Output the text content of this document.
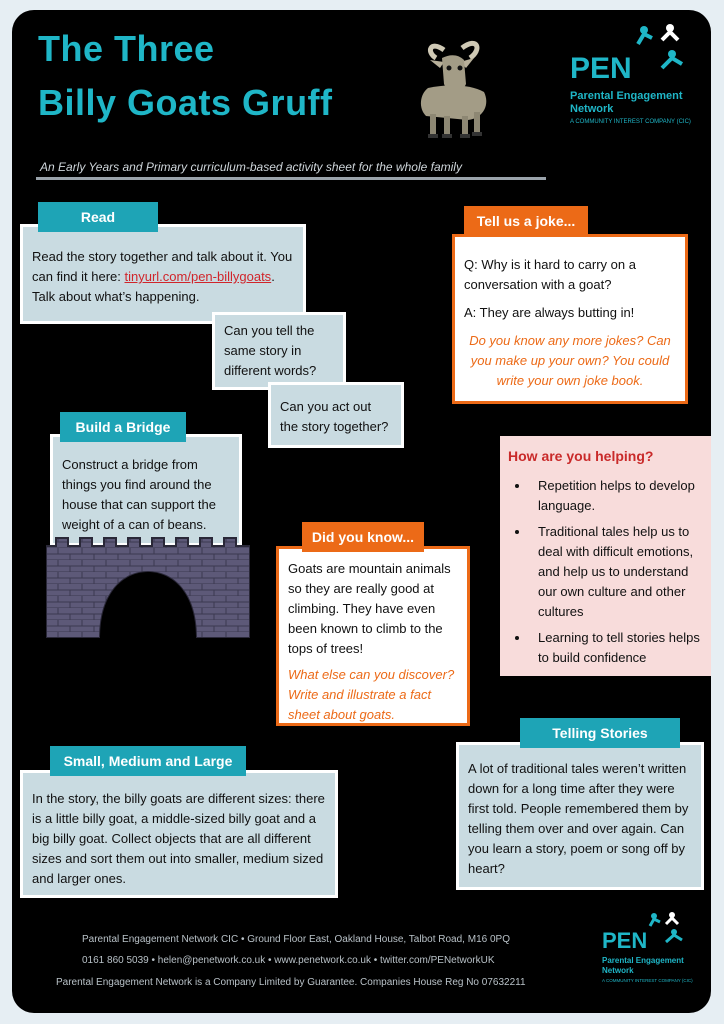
The Three
Billy Goats Gruff
PEN
Parental Engagement
Network
A COMMUNITY INTEREST COMPANY (CIC)
An Early Years and Primary curriculum-based activity sheet for the whole family

Read the story together and talk about it. You can find it here: tinyurl.com/pen-billygoats. Talk about what’s happening.

Read

Can you tell the same story in different words?

Can you act out the story together?

Q: Why is it hard to carry on a conversation with a goat?

A: They are always butting in!

Do you know any more jokes? Can you make up your own? You could write your own joke book.

Tell us a joke...

Construct a bridge from things you find around the house that can support the weight of a can of beans.

Build a Bridge
How are you helping?
• Repetition helps to develop language.
• Traditional tales help us to deal with difficult emotions, and help us to understand our own culture and other cultures
• Learning to tell stories helps to build confidence

Goats are mountain animals so they are really good at climbing. They have even been known to climb to the tops of trees!

What else can you discover? Write and illustrate a fact sheet about goats.

Did you know...

A lot of traditional tales weren’t written down for a long time after they were first told. People remembered them by telling them over and over again. Can you learn a story, poem or song off by heart?

Telling Stories

In the story, the billy goats are different sizes: there is a little billy goat, a middle-sized billy goat and a big billy goat. Collect objects that are all different sizes and sort them out into smaller, medium sized and larger ones.

Small, Medium and Large
Parental Engagement Network CIC • Ground Floor East, Oakland House, Talbot Road, M16 0PQ
0161 860 5039 • helen@penetwork.co.uk • www.penetwork.co.uk • twitter.com/PENetworkUK
Parental Engagement Network is a Company Limited by Guarantee. Companies House Reg No 07632211
PEN
Parental Engagement
Network
A COMMUNITY INTEREST COMPANY (CIC)
